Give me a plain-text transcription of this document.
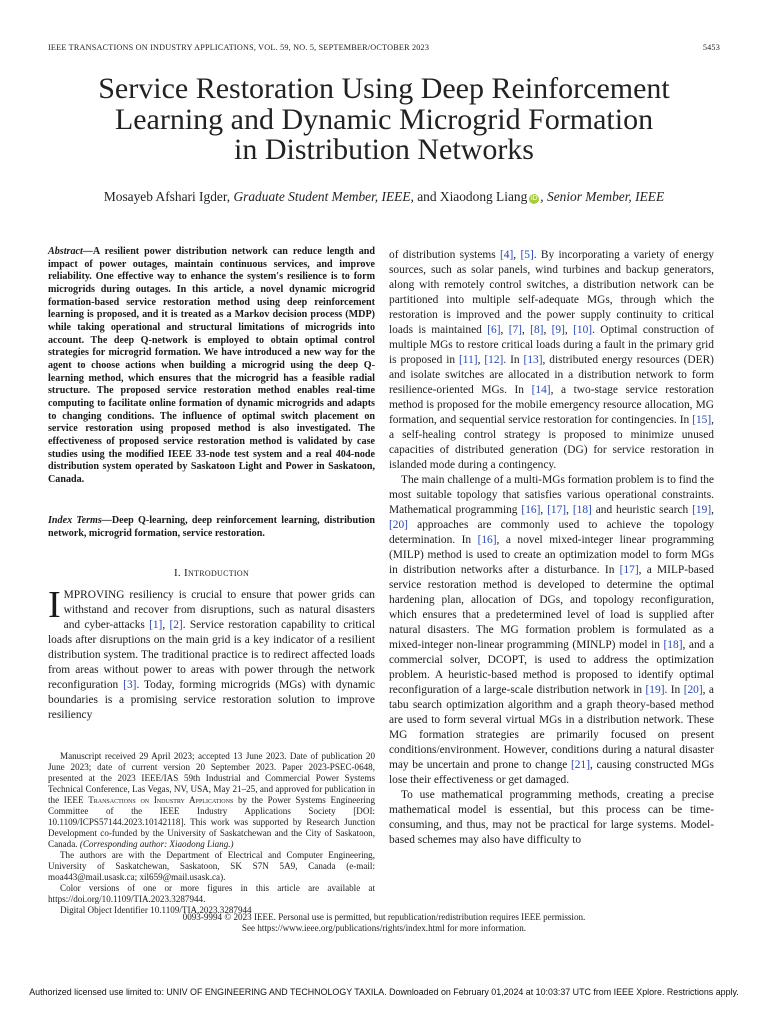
IEEE TRANSACTIONS ON INDUSTRY APPLICATIONS, VOL. 59, NO. 5, SEPTEMBER/OCTOBER 2023	5453
Service Restoration Using Deep Reinforcement
Learning and Dynamic Microgrid Formation
in Distribution Networks
Mosayeb Afshari Igder, Graduate Student Member, IEEE, and Xiaodong Liang iD , Senior Member, IEEE
Abstract—A resilient power distribution network can reduce length and impact of power outages, maintain continuous services, and improve reliability. One effective way to enhance the system's resilience is to form microgrids during outages. In this article, a novel dynamic microgrid formation-based service restoration method using deep reinforcement learning is proposed, and it is treated as a Markov decision process (MDP) while taking operational and structural limitations of microgrids into account. The deep Q-network is employed to obtain optimal control strategies for microgrid formation. We have introduced a new way for the agent to choose actions when building a microgrid using the deep Q-learning method, which ensures that the microgrid has a feasible radial structure. The proposed service restoration method enables real-time computing to facilitate online formation of dynamic microgrids and adapts to changing conditions. The influence of optimal switch placement on service restoration using proposed method is also investigated. The effectiveness of proposed service restoration method is validated by case studies using the modified IEEE 33-node test system and a real 404-node distribution system operated by Saskatoon Light and Power in Saskatoon, Canada.
Index Terms—Deep Q-learning, deep reinforcement learning, distribution network, microgrid formation, service restoration.
I. Introduction
IMPROVING resiliency is crucial to ensure that power grids can withstand and recover from disruptions, such as natural disasters and cyber-attacks [1], [2]. Service restoration capability to critical loads after disruptions on the main grid is a key indicator of a resilient distribution system. The traditional practice is to redirect affected loads from areas without power to areas with power through the network reconfiguration [3]. Today, forming microgrids (MGs) with dynamic boundaries is a promising service restoration solution to improve resiliency

Manuscript received 29 April 2023; accepted 13 June 2023. Date of publication 20 June 2023; date of current version 20 September 2023. Paper 2023-PSEC-0648, presented at the 2023 IEEE/IAS 59th Industrial and Commercial Power Systems Technical Conference, Las Vegas, NV, USA, May 21–25, and approved for publication in the IEEE Transactions on Industry Applications by the Power Systems Engineering Committee of the IEEE Industry Applications Society [DOI: 10.1109/ICPS57144.2023.10142118]. This work was supported by Research Junction Development co-funded by the University of Saskatchewan and the City of Saskatoon, Canada. (Corresponding author: Xiaodong Liang.)

The authors are with the Department of Electrical and Computer Engineering, University of Saskatchewan, Saskatoon, SK S7N 5A9, Canada (e-mail: moa443@mail.usask.ca; xil659@mail.usask.ca).

Color versions of one or more figures in this article are available at https://doi.org/10.1109/TIA.2023.3287944.

Digital Object Identifier 10.1109/TIA.2023.3287944

of distribution systems [4], [5]. By incorporating a variety of energy sources, such as solar panels, wind turbines and backup generators, along with remotely control switches, a distribution network can be partitioned into multiple self-adequate MGs, through which the restoration is improved and the power supply continuity to critical loads is maintained [6], [7], [8], [9], [10]. Optimal construction of multiple MGs to restore critical loads during a fault in the primary grid is proposed in [11], [12]. In [13], distributed energy resources (DER) and isolate switches are allocated in a distribution network to form resilience-oriented MGs. In [14], a two-stage service restoration method is proposed for the mobile emergency resource allocation, MG formation, and sequential service restoration for contingencies. In [15], a self-healing control strategy is proposed to minimize unused capacities of distributed generation (DG) for service restoration in islanded mode during a contingency.

The main challenge of a multi-MGs formation problem is to find the most suitable topology that satisfies various operational constraints. Mathematical programming [16], [17], [18] and heuristic search [19], [20] approaches are commonly used to achieve the topology determination. In [16], a novel mixed-integer linear programming (MILP) method is used to create an optimization model to form MGs in distribution networks after a disturbance. In [17], a MILP-based service restoration method is developed to determine the optimal hardening plan, allocation of DGs, and topology reconfiguration, which ensures that a predetermined level of load is supplied after natural disasters. The MG formation problem is formulated as a mixed-integer non-linear programming (MINLP) model in [18], and a commercial solver, DCOPT, is used to address the optimization problem. A heuristic-based method is proposed to identify optimal reconfiguration of a large-scale distribution network in [19]. In [20], a tabu search optimization algorithm and a graph theory-based method are used to form several virtual MGs in a distribution network. These MG formation strategies are primarily focused on present conditions/environment. However, conditions during a natural disaster may be uncertain and prone to change [21], causing constructed MGs lose their effectiveness or get damaged.

To use mathematical programming methods, creating a precise mathematical model is essential, but this process can be time-consuming, and thus, may not be practical for large systems. Model-based schemes may also have difficulty to

0093-9994 © 2023 IEEE. Personal use is permitted, but republication/redistribution requires IEEE permission.
See https://www.ieee.org/publications/rights/index.html for more information.
Authorized licensed use limited to: UNIV OF ENGINEERING AND TECHNOLOGY TAXILA. Downloaded on February 01,2024 at 10:03:37 UTC from IEEE Xplore. Restrictions apply.
